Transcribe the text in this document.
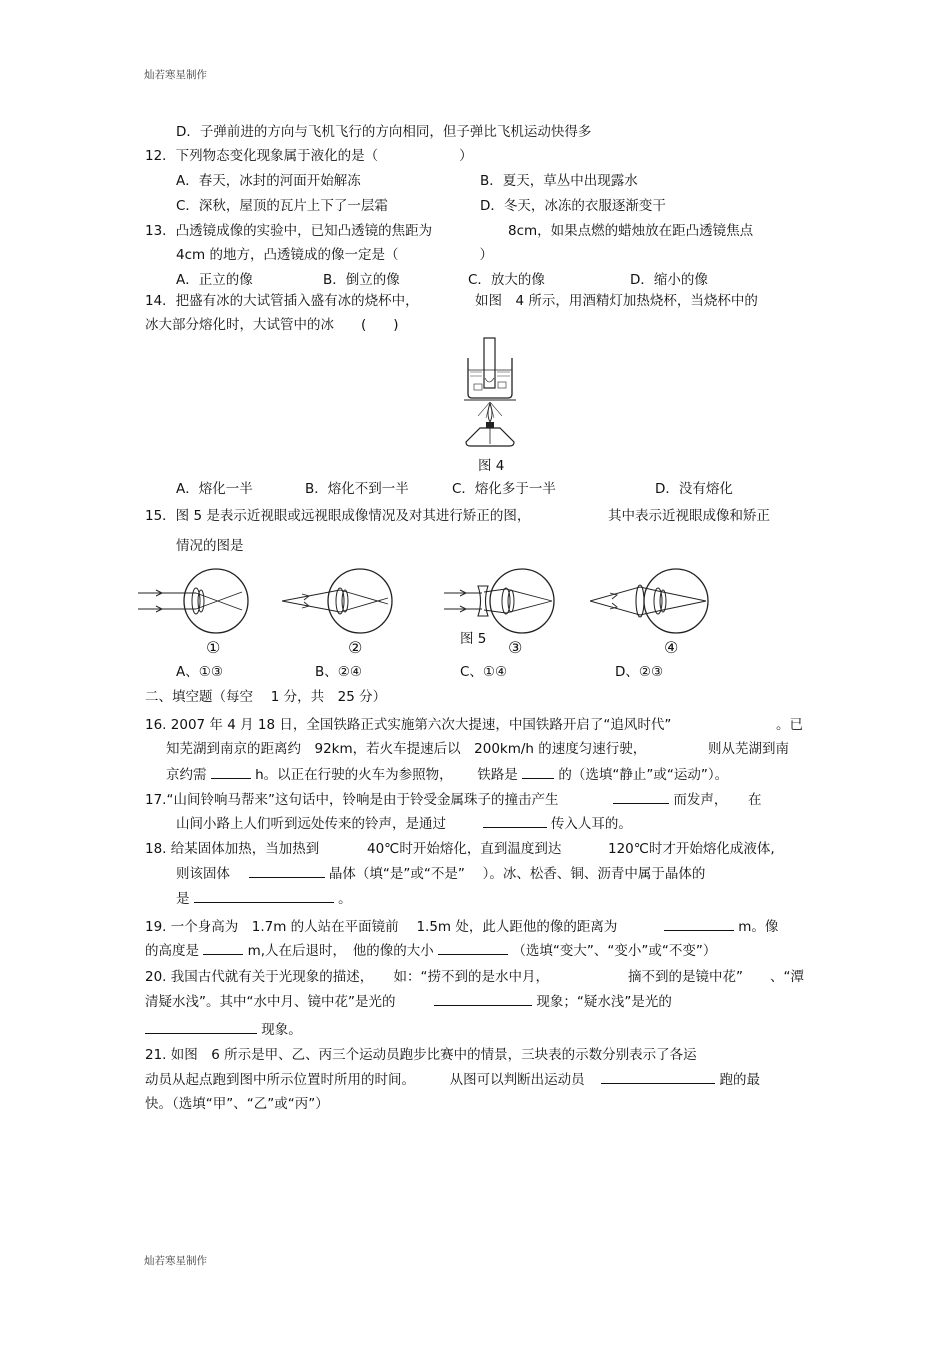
灿若寒星制作
D．子弹前进的方向与飞机飞行的方向相同，但子弹比飞机运动快得多
12．下列物态变化现象属于液化的是（　　　　　　）
A．春天，冰封的河面开始解冻	B．夏天，草丛中出现露水
C．深秋，屋顶的瓦片上下了一层霜	D．冬天，冰冻的衣服逐渐变干
13．凸透镜成像的实验中，已知凸透镜的焦距为	8cm，如果点燃的蜡烛放在距凸透镜焦点
4cm 的地方，凸透镜成的像一定是（　　　　　　）
A．正立的像	B．倒立的像	C．放大的像	D．缩小的像
14．把盛有冰的大试管插入盛有冰的烧杯中，	如图　4 所示，用酒精灯加热烧杯，当烧杯中的
冰大部分熔化时，大试管中的冰　　(　　)
图 4
A．熔化一半	B．熔化不到一半	C．熔化多于一半	D．没有熔化
15．图 5 是表示近视眼或远视眼成像情况及对其进行矫正的图，	其中表示近视眼成像和矫正
情况的图是
图 5
①	②	③	④
A、①③	B、②④	C、①④	D、②③
二、填空题（每空　 1 分，共　25 分）
16. 2007 年 4 月 18 日，全国铁路正式实施第六次大提速，中国铁路开启了“追风时代”	。已
知芜湖到南京的距离约　92km，若火车提速后以　200km/h 的速度匀速行驶，	则从芜湖到南
京约需	h。以正在行驶的火车为参照物， 铁路是	的（选填“静止”或“运动”）。
17.“山间铃响马帮来”这句话中，铃响是由于铃受金属珠子的撞击产生	而发声， 在
山间小路上人们听到远处传来的铃声，是通过	传入人耳的。
18. 给某固体加热，当加热到	40℃时开始熔化，直到温度到达	120℃时才开始熔化成液体,
则该固体	晶体（填“是”或“不是”　 ）。冰、松香、铜、沥青中属于晶体的
是	。
19. 一个身高为　1.7m 的人站在平面镜前　 1.5m 处，此人距他的像的距离为	m。像
的高度是	m,人在后退时，　他的像的大小	（选填“变大”、“变小”或“不变”）
20. 我国古代就有关于光现象的描述，　　如：“捞不到的是水中月，	摘不到的是镜中花” 、“潭
清疑水浅”。其中“水中月、镜中花”是光的	现象；“疑水浅”是光的
现象。
21. 如图　6 所示是甲、乙、丙三个运动员跑步比赛中的情景，三块表的示数分别表示了各运
动员从起点跑到图中所示位置时所用的时间。	从图可以判断出运动员	跑的最
快。（选填“甲”、“乙”或“丙”）
灿若寒星制作
